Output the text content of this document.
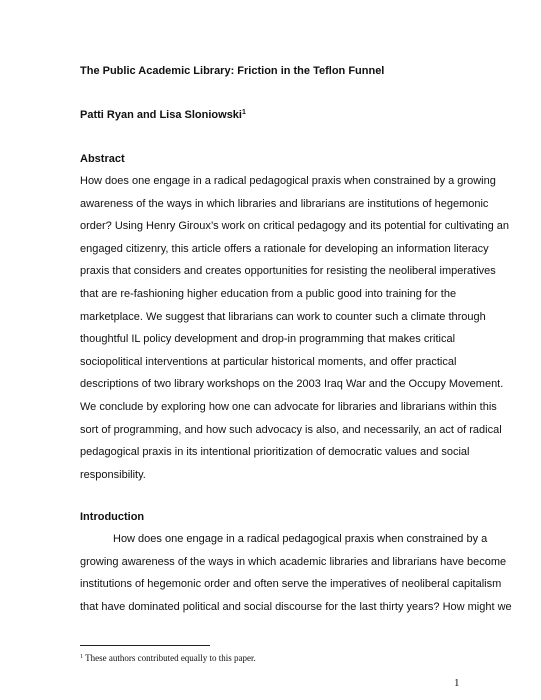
The Public Academic Library: Friction in the Teflon Funnel
Patti Ryan and Lisa Sloniowski$^1$
Abstract
How does one engage in a radical pedagogical praxis when constrained by a growing
awareness of the ways in which libraries and librarians are institutions of hegemonic
order? Using Henry Giroux’s work on critical pedagogy and its potential for cultivating an
engaged citizenry, this article offers a rationale for developing an information literacy
praxis that considers and creates opportunities for resisting the neoliberal imperatives
that are re-fashioning higher education from a public good into training for the
marketplace. We suggest that librarians can work to counter such a climate through
thoughtful IL policy development and drop-in programming that makes critical
sociopolitical interventions at particular historical moments, and offer practical
descriptions of two library workshops on the 2003 Iraq War and the Occupy Movement.
We conclude by exploring how one can advocate for libraries and librarians within this
sort of programming, and how such advocacy is also, and necessarily, an act of radical
pedagogical praxis in its intentional prioritization of democratic values and social
responsibility.
Introduction
How does one engage in a radical pedagogical praxis when constrained by a
growing awareness of the ways in which academic libraries and librarians have become
institutions of hegemonic order and often serve the imperatives of neoliberal capitalism
that have dominated political and social discourse for the last thirty years? How might we
$^1$ These authors contributed equally to this paper.
1
